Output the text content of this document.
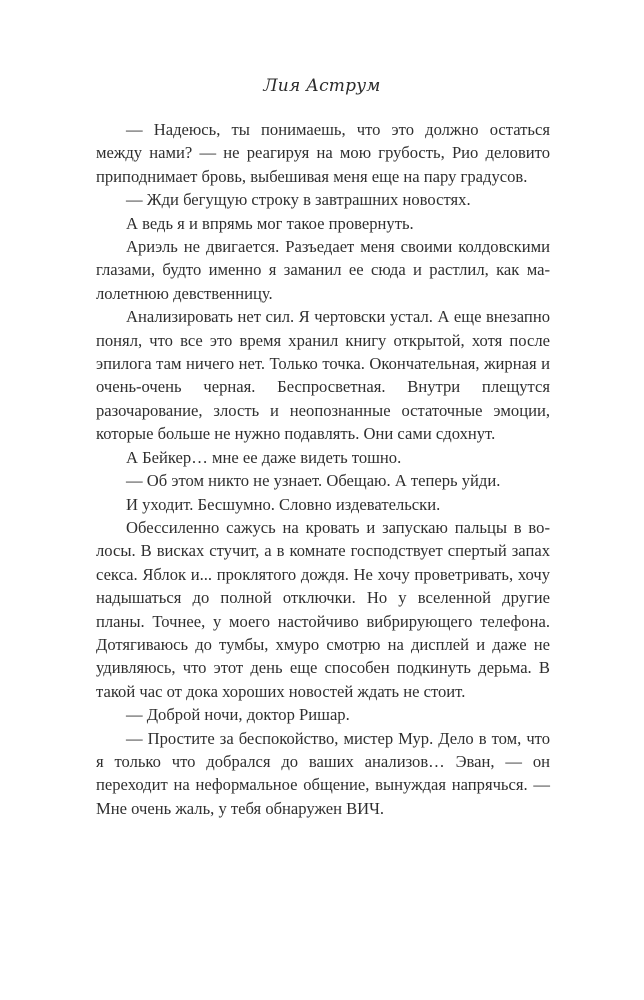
Лия Аструм

— Надеюсь, ты понимаешь, что это должно остаться между нами? — не реагируя на мою грубость, Рио деловито приподнимает бровь, выбешивая меня еще на пару градусов.

— Жди бегущую строку в завтрашних новостях.

А ведь я и впрямь мог такое провернуть.

Ариэль не двигается. Разъедает меня своими колдовскими глазами, будто именно я заманил ее сюда и растлил, как малолетнюю девственницу.

Анализировать нет сил. Я чертовски устал. А еще внезапно понял, что все это время хранил книгу открытой, хотя после эпилога там ничего нет. Только точка. Окончательная, жирная и очень-очень черная. Беспросветная. Внутри плещутся разочарование, злость и неопознанные остаточные эмоции, которые больше не нужно подавлять. Они сами сдохнут.

А Бейкер… мне ее даже видеть тошно.

— Об этом никто не узнает. Обещаю. А теперь уйди.

И уходит. Бесшумно. Словно издевательски.

Обессиленно сажусь на кровать и запускаю пальцы в волосы. В висках стучит, а в комнате господствует спертый запах секса. Яблок и... проклятого дождя. Не хочу проветривать, хочу надышаться до полной отключки. Но у вселенной другие планы. Точнее, у моего настойчиво вибрирующего телефона. Дотягиваюсь до тумбы, хмуро смотрю на дисплей и даже не удивляюсь, что этот день еще способен подкинуть дерьма. В такой час от дока хороших новостей ждать не стоит.

— Доброй ночи, доктор Ришар.

— Простите за беспокойство, мистер Мур. Дело в том, что я только что добрался до ваших анализов… Эван, — он переходит на неформальное общение, вынуждая напрячься. — Мне очень жаль, у тебя обнаружен ВИЧ.
